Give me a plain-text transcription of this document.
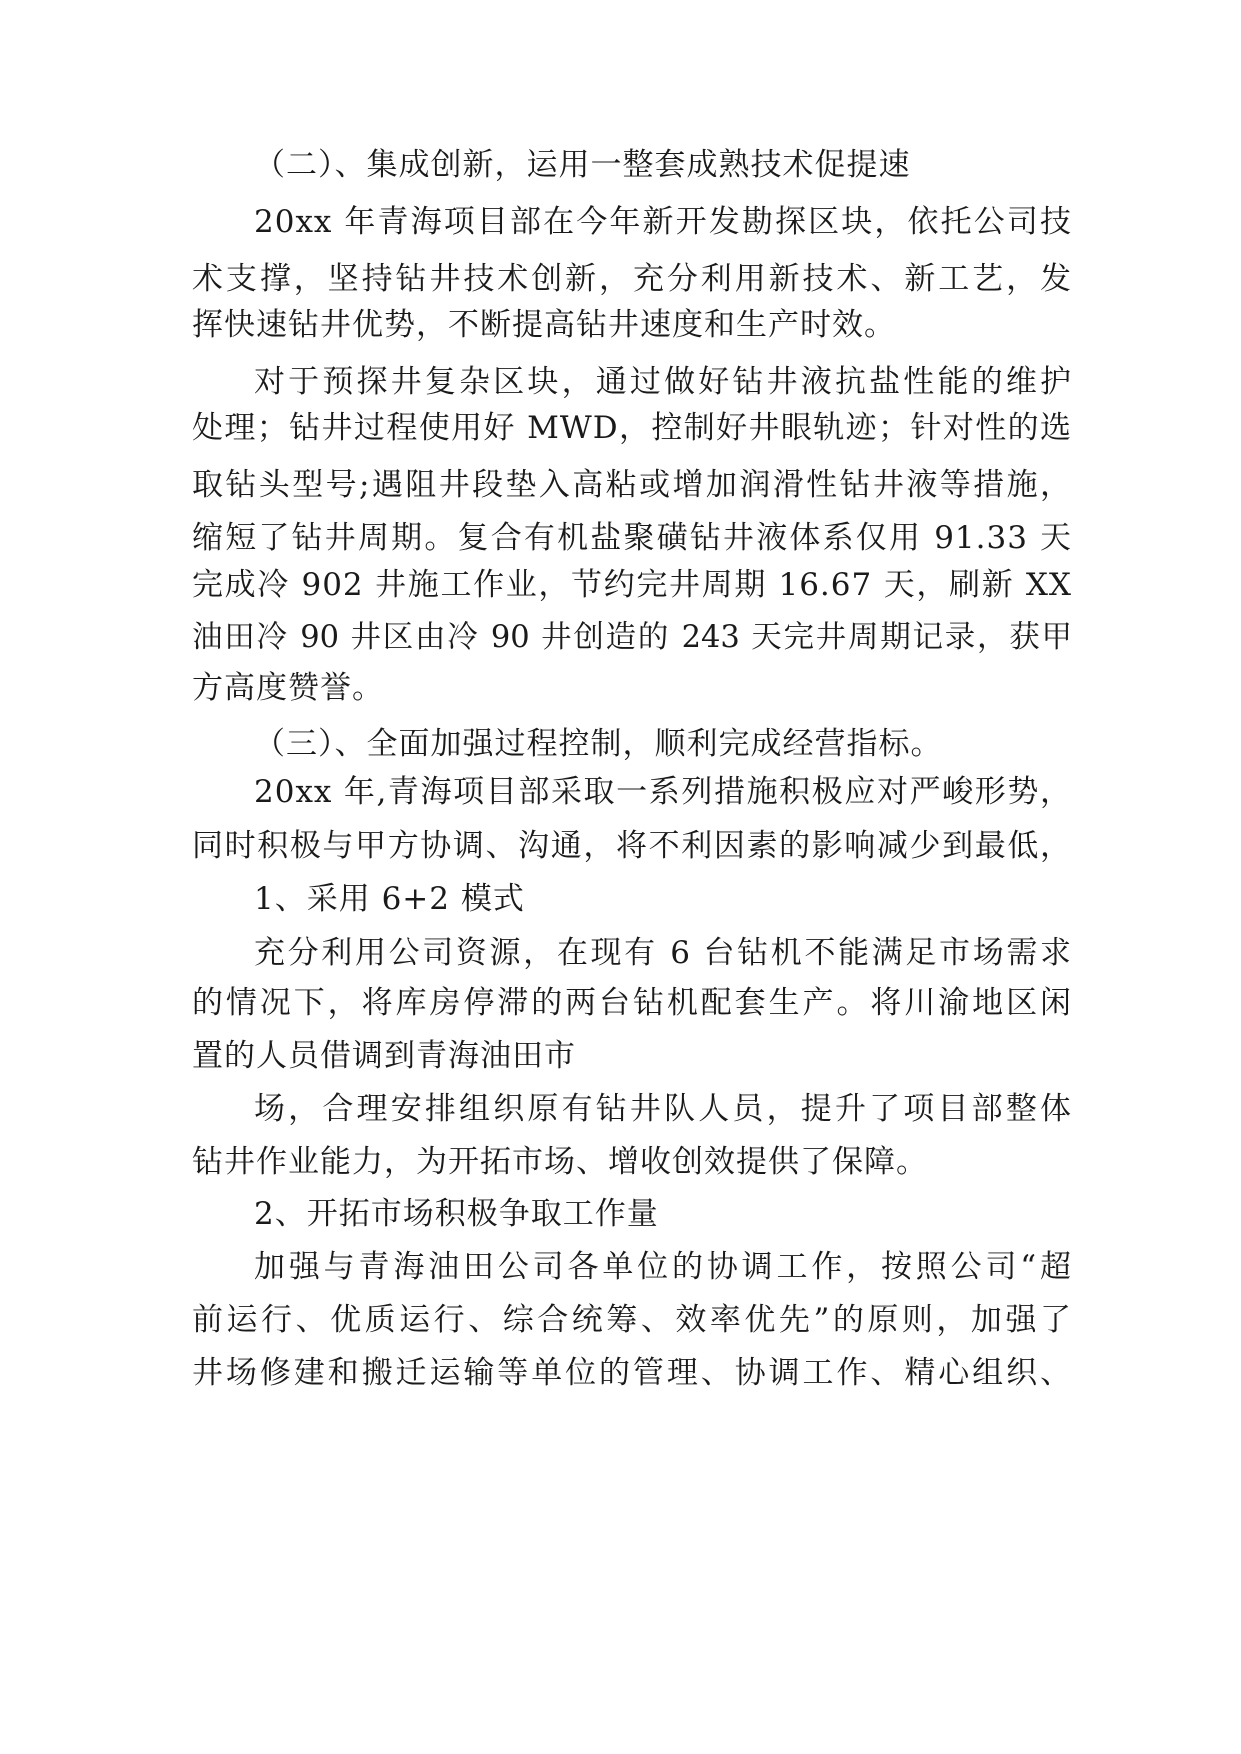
（二）、集成创新，运用一整套成熟技术促提速
20xx 年青海项目部在今年新开发勘探区块，依托公司技
术支撑，坚持钻井技术创新，充分利用新技术、新工艺，发
挥快速钻井优势，不断提高钻井速度和生产时效。
对于预探井复杂区块，通过做好钻井液抗盐性能的维护
处理；钻井过程使用好 MWD，控制好井眼轨迹；针对性的选
取钻头型号;遇阻井段垫入高粘或增加润滑性钻井液等措施，
缩短了钻井周期。复合有机盐聚磺钻井液体系仅用 91.33 天
完成冷 902 井施工作业，节约完井周期 16.67 天，刷新 XX
油田冷 90 井区由冷 90 井创造的 243 天完井周期记录，获甲
方高度赞誉。
（三）、全面加强过程控制，顺利完成经营指标。
20xx 年,青海项目部采取一系列措施积极应对严峻形势，
同时积极与甲方协调、沟通，将不利因素的影响减少到最低，
1、采用 6+2 模式
充分利用公司资源，在现有 6 台钻机不能满足市场需求
的情况下，将库房停滞的两台钻机配套生产。将川渝地区闲
置的人员借调到青海油田市
场，合理安排组织原有钻井队人员，提升了项目部整体
钻井作业能力，为开拓市场、增收创效提供了保障。
2、开拓市场积极争取工作量
加强与青海油田公司各单位的协调工作，按照公司“超
前运行、优质运行、综合统筹、效率优先”的原则，加强了
井场修建和搬迁运输等单位的管理、协调工作、精心组织、
